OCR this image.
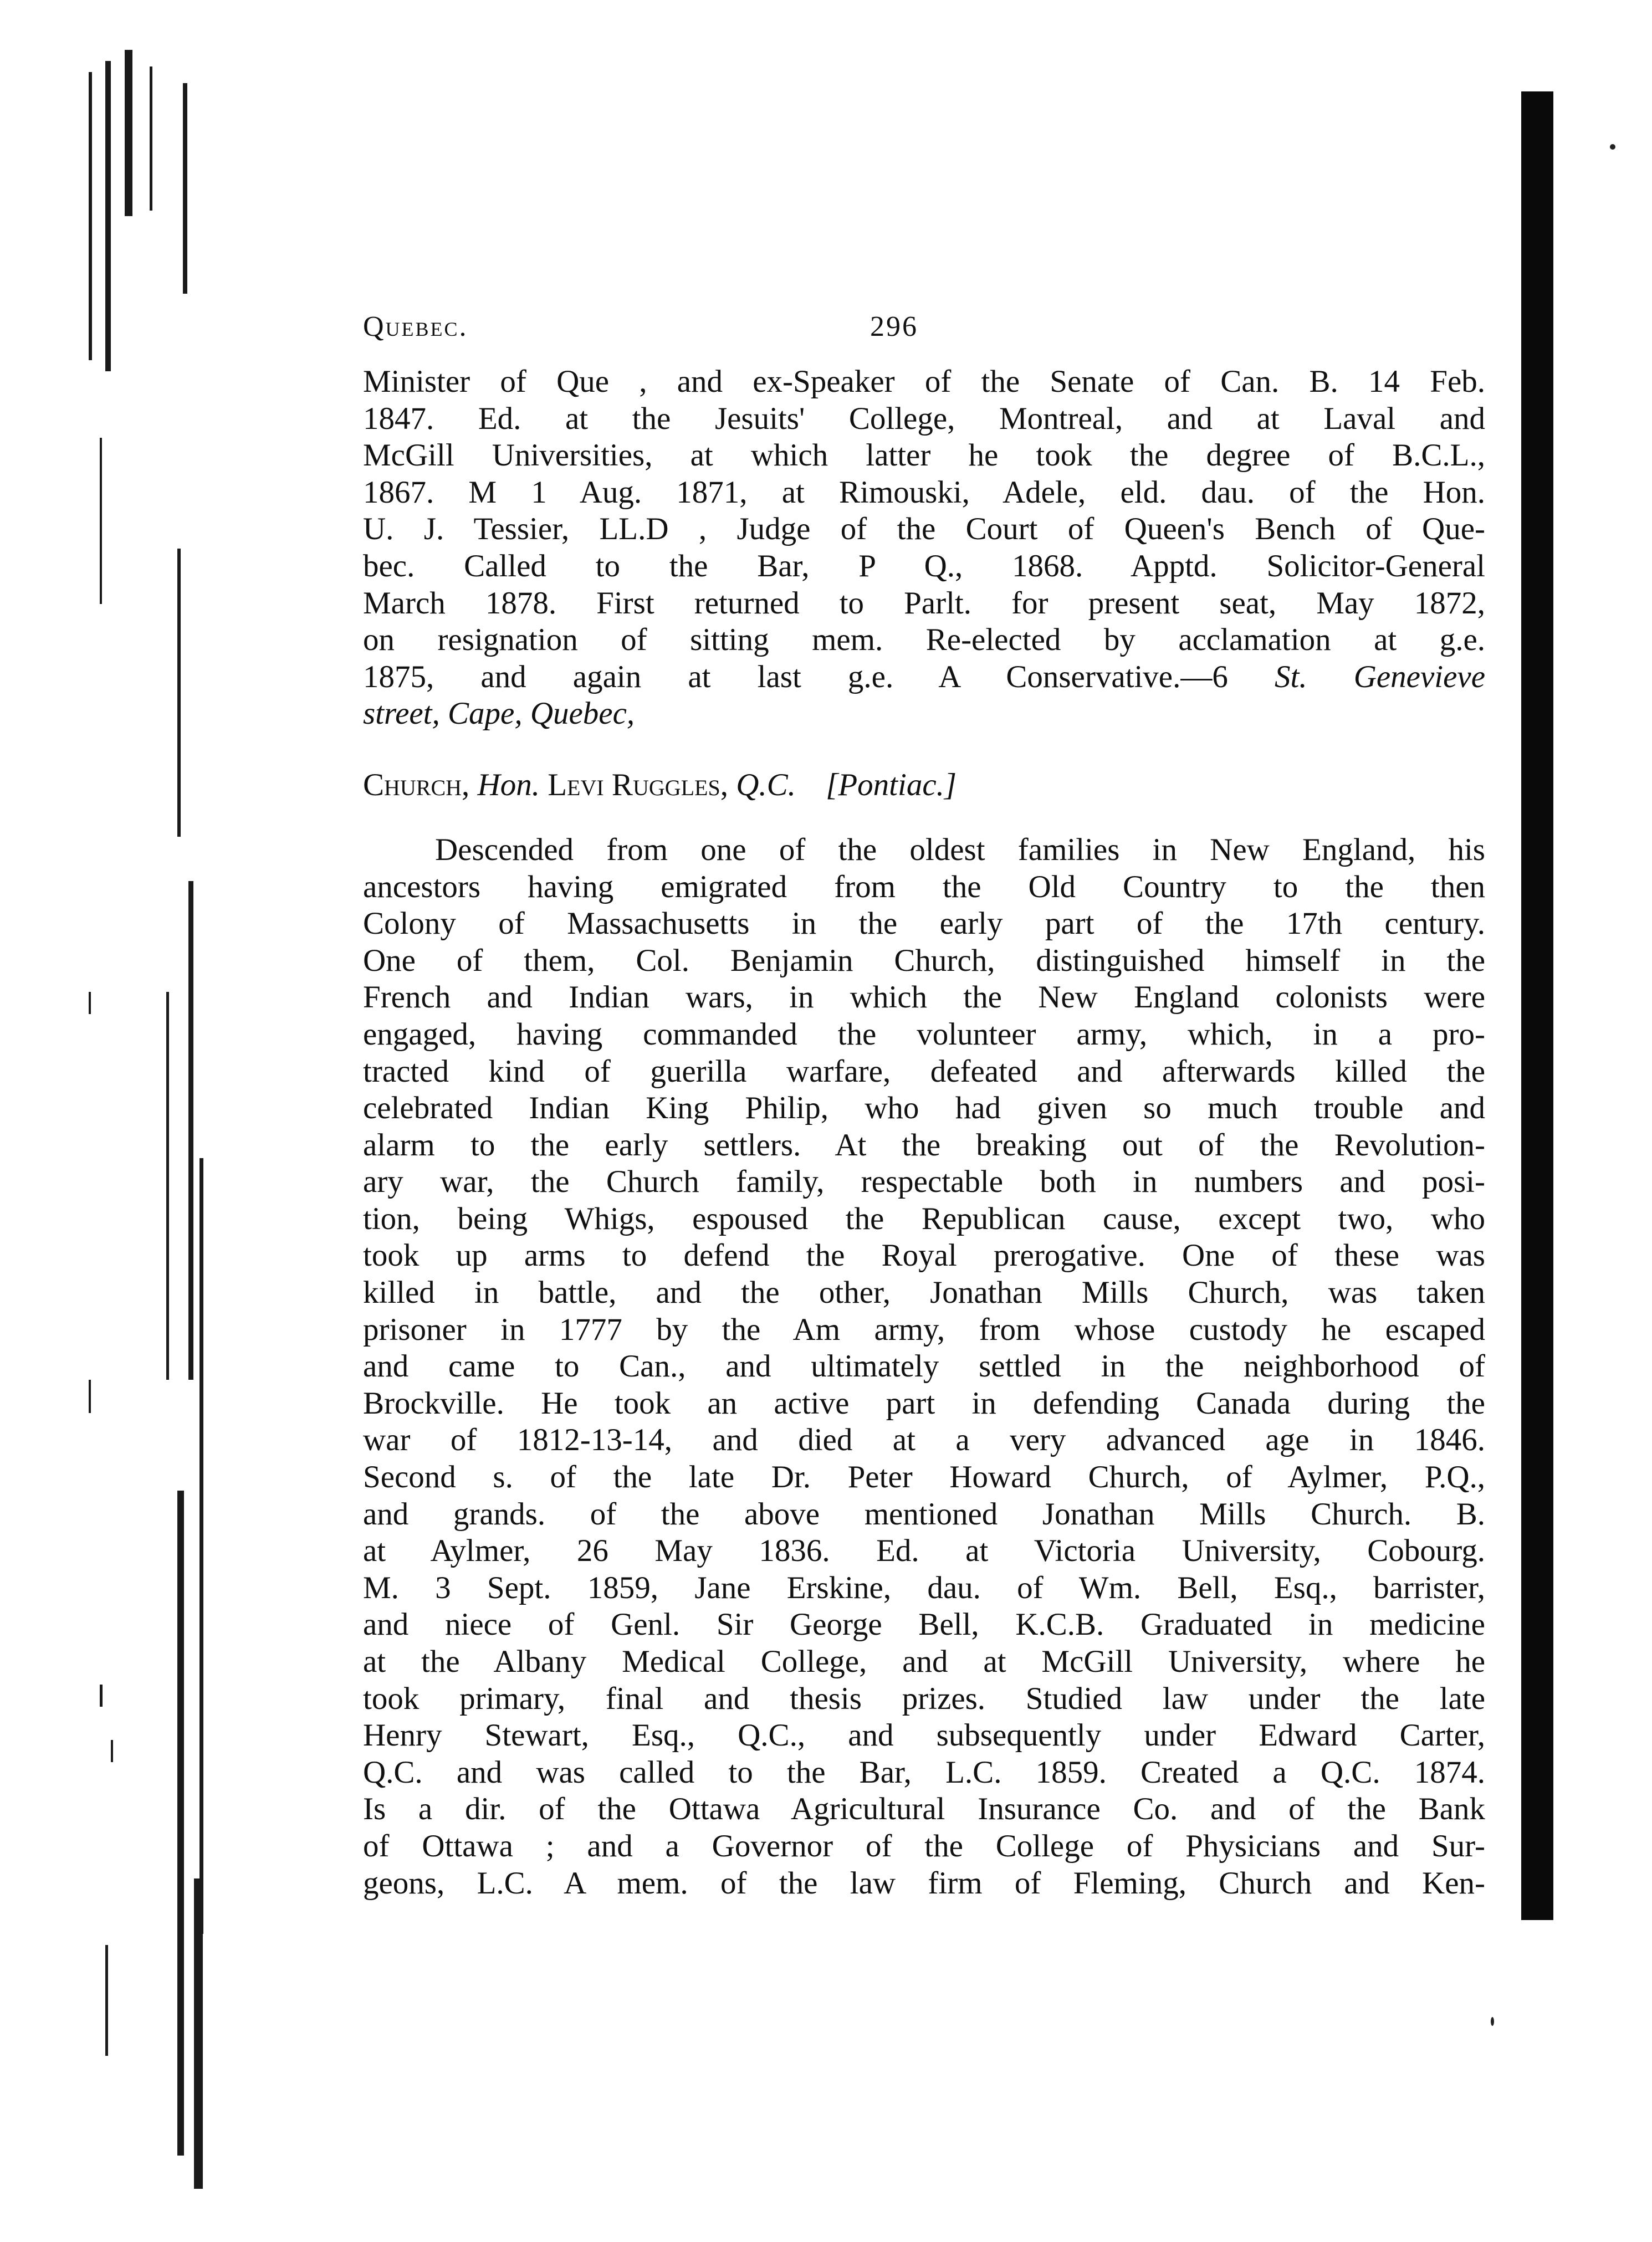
Quebec.	296
Minister of Que , and ex-Speaker of the Senate of Can. B. 14 Feb.
1847. Ed. at the Jesuits' College, Montreal, and at Laval and
McGill Universities, at which latter he took the degree of B.C.L.,
1867. M 1 Aug. 1871, at Rimouski, Adele, eld. dau. of the Hon.
U. J. Tessier, LL.D , Judge of the Court of Queen's Bench of Que-
bec. Called to the Bar, P Q., 1868. Apptd. Solicitor-General
March 1878. First returned to Parlt. for present seat, May 1872,
on resignation of sitting mem. Re-elected by acclamation at g.e.
1875, and again at last g.e. A Conservative.—6 St. Genevieve
street, Cape, Quebec,
Church, Hon. Levi Ruggles, Q.C. [Pontiac.]
Descended from one of the oldest families in New England, his
ancestors having emigrated from the Old Country to the then
Colony of Massachusetts in the early part of the 17th century.
One of them, Col. Benjamin Church, distinguished himself in the
French and Indian wars, in which the New England colonists were
engaged, having commanded the volunteer army, which, in a pro-
tracted kind of guerilla warfare, defeated and afterwards killed the
celebrated Indian King Philip, who had given so much trouble and
alarm to the early settlers. At the breaking out of the Revolution-
ary war, the Church family, respectable both in numbers and posi-
tion, being Whigs, espoused the Republican cause, except two, who
took up arms to defend the Royal prerogative. One of these was
killed in battle, and the other, Jonathan Mills Church, was taken
prisoner in 1777 by the Am army, from whose custody he escaped
and came to Can., and ultimately settled in the neighborhood of
Brockville. He took an active part in defending Canada during the
war of 1812-13-14, and died at a very advanced age in 1846.
Second s. of the late Dr. Peter Howard Church, of Aylmer, P.Q.,
and grands. of the above mentioned Jonathan Mills Church. B.
at Aylmer, 26 May 1836. Ed. at Victoria University, Cobourg.
M. 3 Sept. 1859, Jane Erskine, dau. of Wm. Bell, Esq., barrister,
and niece of Genl. Sir George Bell, K.C.B. Graduated in medicine
at the Albany Medical College, and at McGill University, where he
took primary, final and thesis prizes. Studied law under the late
Henry Stewart, Esq., Q.C., and subsequently under Edward Carter,
Q.C. and was called to the Bar, L.C. 1859. Created a Q.C. 1874.
Is a dir. of the Ottawa Agricultural Insurance Co. and of the Bank
of Ottawa ; and a Governor of the College of Physicians and Sur-
geons, L.C. A mem. of the law firm of Fleming, Church and Ken-
